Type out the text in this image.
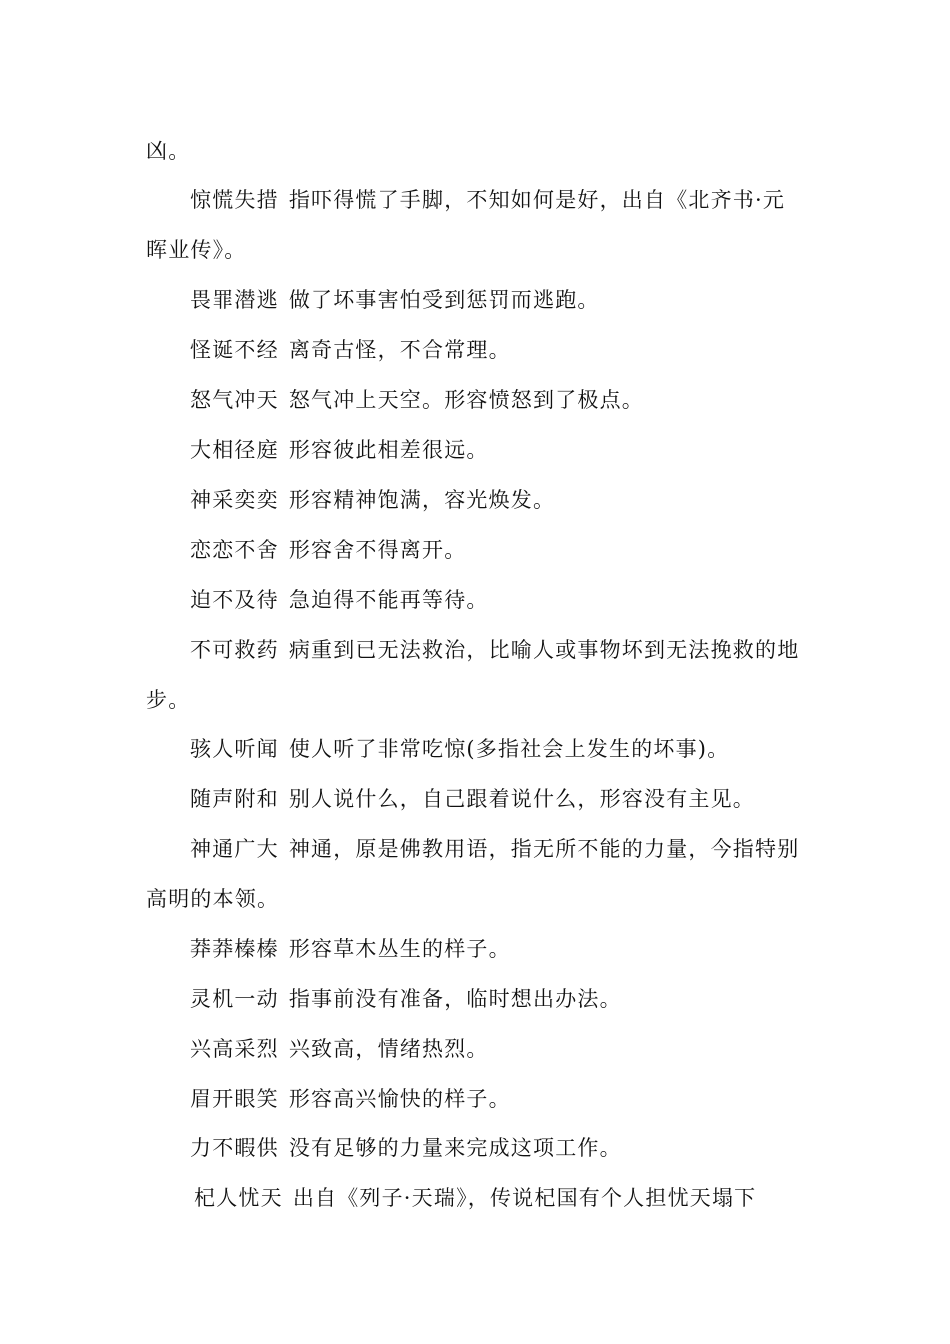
凶。
惊慌失措 指吓得慌了手脚，不知如何是好，出自《北齐书·元
晖业传》。
畏罪潜逃 做了坏事害怕受到惩罚而逃跑。
怪诞不经 离奇古怪，不合常理。
怒气冲天 怒气冲上天空。形容愤怒到了极点。
大相径庭 形容彼此相差很远。
神采奕奕 形容精神饱满，容光焕发。
恋恋不舍 形容舍不得离开。
迫不及待 急迫得不能再等待。
不可救药 病重到已无法救治，比喻人或事物坏到无法挽救的地
步。
骇人听闻 使人听了非常吃惊(多指社会上发生的坏事)。
随声附和 别人说什么，自己跟着说什么，形容没有主见。
神通广大 神通，原是佛教用语，指无所不能的力量，今指特别
高明的本领。
莽莽榛榛 形容草木丛生的样子。
灵机一动 指事前没有准备，临时想出办法。
兴高采烈 兴致高，情绪热烈。
眉开眼笑 形容高兴愉快的样子。
力不暇供 没有足够的力量来完成这项工作。
杞人忧天 出自《列子·天瑞》，传说杞国有个人担忧天塌下
